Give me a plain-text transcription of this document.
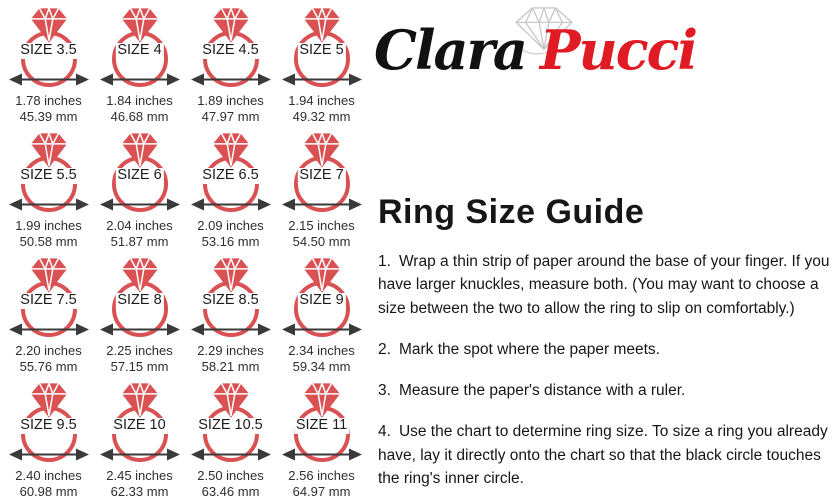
SIZE 3.5
1.78 inches
45.39 mm
SIZE 4
1.84 inches
46.68 mm
SIZE 4.5
1.89 inches
47.97 mm
SIZE 5
1.94 inches
49.32 mm
SIZE 5.5
1.99 inches
50.58 mm
SIZE 6
2.04 inches
51.87 mm
SIZE 6.5
2.09 inches
53.16 mm
SIZE 7
2.15 inches
54.50 mm
SIZE 7.5
2.20 inches
55.76 mm
SIZE 8
2.25 inches
57.15 mm
SIZE 8.5
2.29 inches
58.21 mm
SIZE 9
2.34 inches
59.34 mm
SIZE 9.5
2.40 inches
60.98 mm
SIZE 10
2.45 inches
62.33 mm
SIZE 10.5
2.50 inches
63.46 mm
SIZE 11
2.56 inches
64.97 mm
Clara Pucci
Ring Size Guide

1. Wrap a thin strip of paper around the base of your finger. If you have larger knuckles, measure both. (You may want to choose a size between the two to allow the ring to slip on comfortably.)

2. Mark the spot where the paper meets.

3. Measure the paper's distance with a ruler.

4. Use the chart to determine ring size. To size a ring you already have, lay it directly onto the chart so that the black circle touches the ring's inner circle.
